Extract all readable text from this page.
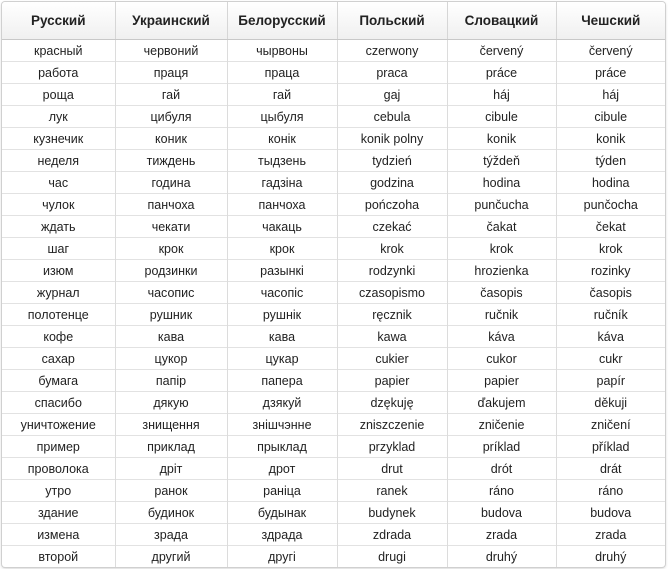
Русский	Украинский	Белорусский	Польский	Словацкий	Чешский
красный	червоний	чырвоны	czerwony	červený	červený
работа	праця	праца	praca	práce	práce
роща	гай	гай	gaj	háj	háj
лук	цибуля	цыбуля	cebula	cibule	cibule
кузнечик	коник	конік	konik polny	konik	konik
неделя	тиждень	тыдзень	tydzień	týždeň	týden
час	година	гадзіна	godzina	hodina	hodina
чулок	панчоха	панчоха	pończoha	punčucha	punčocha
ждать	чекати	чакаць	czekać	čakat	čekat
шаг	крок	крок	krok	krok	krok
изюм	родзинки	разынкі	rodzynki	hrozienka	rozinky
журнал	часопис	часопіс	czasopismo	časopis	časopis
полотенце	рушник	рушнік	ręcznik	ručnik	ručník
кофе	кава	кава	kawa	káva	káva
сахар	цукор	цукар	cukier	cukor	cukr
бумага	папір	папера	papier	papier	papír
спасибо	дякую	дзякуй	dzękuję	ďakujem	děkuji
уничтожение	знищення	знішчэнне	zniszczenie	zničenie	zničení
пример	приклад	прыклад	przyklad	príklad	příklad
проволока	дріт	дрот	drut	drót	drát
утро	ранок	раніца	ranek	ráno	ráno
здание	будинок	будынак	budynek	budova	budova
измена	зрада	здрада	zdrada	zrada	zrada
второй	другий	другі	drugi	druhý	druhý
